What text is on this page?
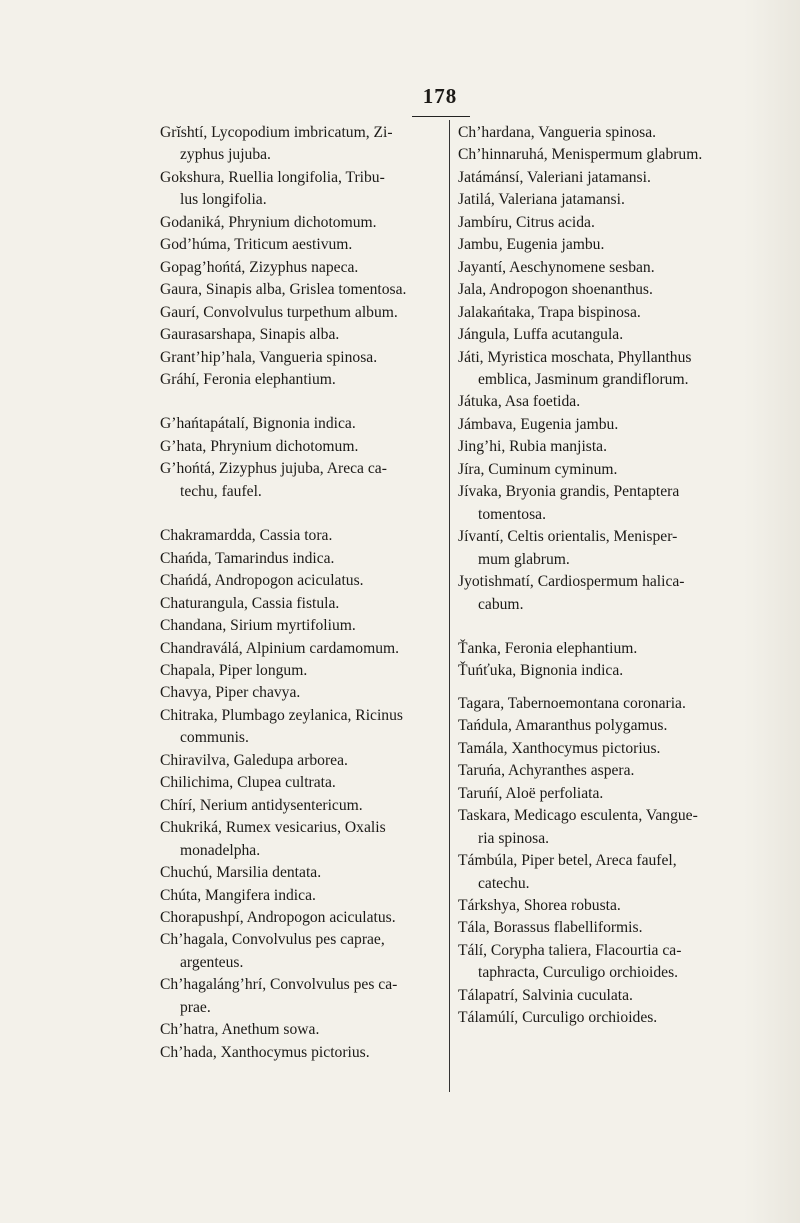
178
Grĭshtí, Lycopodium imbricatum, Zi-
zyphus jujuba.
Gokshura, Ruellia longifolia, Tribu-
lus longifolia.
Godaniká, Phrynium dichotomum.
God’húma, Triticum aestivum.
Gopag’hońtá, Zizyphus napeca.
Gaura, Sinapis alba, Grislea tomentosa.
Gaurí, Convolvulus turpethum album.
Gaurasarshapa, Sinapis alba.
Grant’hip’hala, Vangueria spinosa.
Gráhí, Feronia elephantium.
G’hańtapátalí, Bignonia indica.
G’hata, Phrynium dichotomum.
G’hońtá, Zizyphus jujuba, Areca ca-
techu, faufel.
Chakramardda, Cassia tora.
Chańda, Tamarindus indica.
Chańdá, Andropogon aciculatus.
Chaturangula, Cassia fistula.
Chandana, Sirium myrtifolium.
Chandraválá, Alpinium cardamomum.
Chapala, Piper longum.
Chavya, Piper chavya.
Chitraka, Plumbago zeylanica, Ricinus
communis.
Chiravilva, Galedupa arborea.
Chilichima, Clupea cultrata.
Chírí, Nerium antidysentericum.
Chukriká, Rumex vesicarius, Oxalis
monadelpha.
Chuchú, Marsilia dentata.
Chúta, Mangifera indica.
Chorapushpí, Andropogon aciculatus.
Ch’hagala, Convolvulus pes caprae,
argenteus.
Ch’hagaláng’hrí, Convolvulus pes ca-
prae.
Ch’hatra, Anethum sowa.
Ch’hada, Xanthocymus pictorius.
Ch’hardana, Vangueria spinosa.
Ch’hinnaruhá, Menispermum glabrum.
Jatámánsí, Valeriani jatamansi.
Jatilá, Valeriana jatamansi.
Jambíru, Citrus acida.
Jambu, Eugenia jambu.
Jayantí, Aeschynomene sesban.
Jala, Andropogon shoenanthus.
Jalakańtaka, Trapa bispinosa.
Jángula, Luffa acutangula.
Játi, Myristica moschata, Phyllanthus
emblica, Jasminum grandiflorum.
Játuka, Asa foetida.
Jámbava, Eugenia jambu.
Jing’hi, Rubia manjista.
Jíra, Cuminum cyminum.
Jívaka, Bryonia grandis, Pentaptera
tomentosa.
Jívantí, Celtis orientalis, Menisper-
mum glabrum.
Jyotishmatí, Cardiospermum halica-
cabum.
Ťanka, Feronia elephantium.
Ťuńťuka, Bignonia indica.
Tagara, Tabernoemontana coronaria.
Tańdula, Amaranthus polygamus.
Tamála, Xanthocymus pictorius.
Taruńa, Achyranthes aspera.
Taruńí, Aloë perfoliata.
Taskara, Medicago esculenta, Vangue-
ria spinosa.
Támbúla, Piper betel, Areca faufel,
catechu.
Tárkshya, Shorea robusta.
Tála, Borassus flabelliformis.
Tálí, Corypha taliera, Flacourtia ca-
taphracta, Curculigo orchioides.
Tálapatrí, Salvinia cuculata.
Tálamúlí, Curculigo orchioides.
